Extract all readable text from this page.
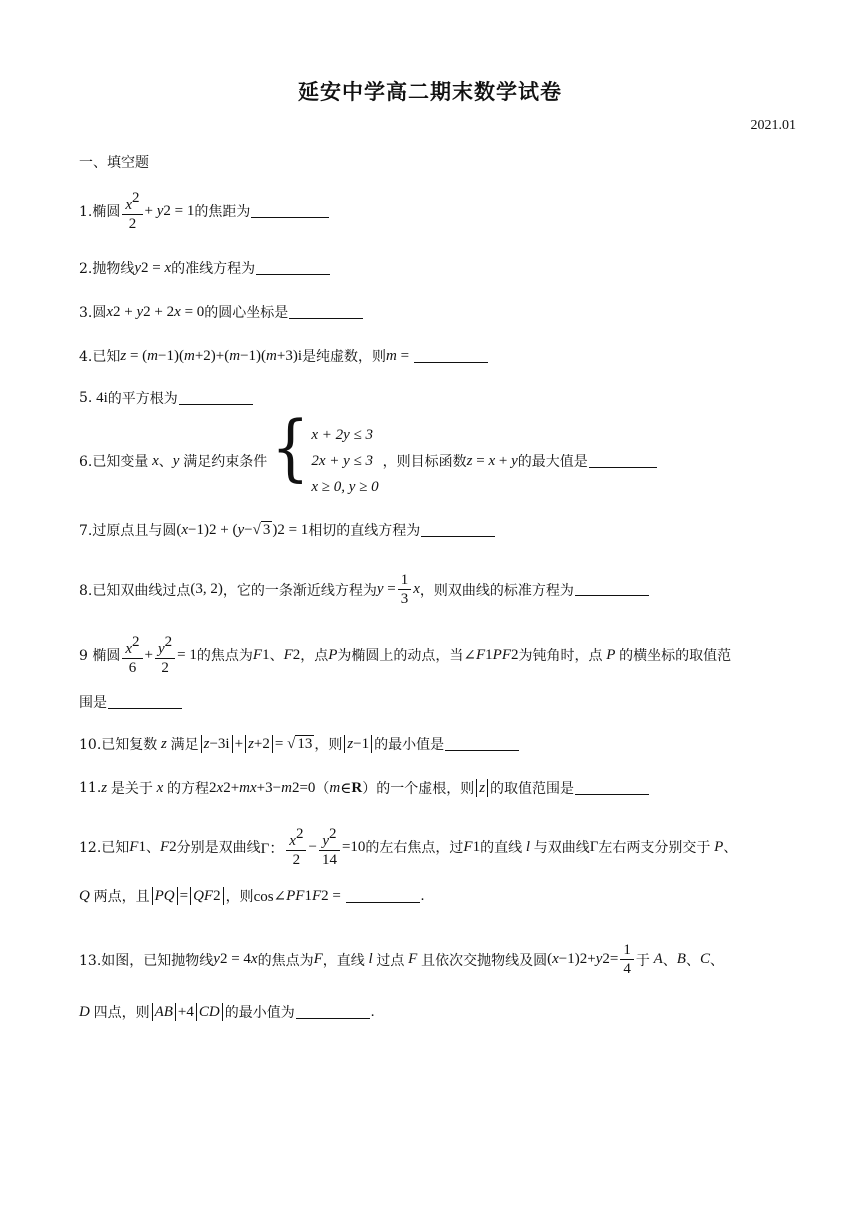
延安中学高二期末数学试卷
2021.01
一、填空题
1.椭圆 $\frac{x^2}{2} + y$ 2 = 1 的焦距为
2.抛物线 y 2 = x 的准线方程为
3.圆 x 2 + y 2 + 2 x = 0 的圆心坐标是
4.已知 z = ( m −1)( m +2)+( m −1)( m +3)i 是纯虚数，则 m =
5. 4i 的平方根为
6.已知变量 x 、 y 满足约束条件 { x + 2y ≤ 3
2x + y ≤ 3
x ≥ 0, y ≥ 0
，则目标函数 z = x + y 的最大值是
7.过原点且与圆 ( x −1) 2 + ( y −√ 3 ) 2 = 1 相切的直线方程为
8.已知双曲线过点 (3, 2) ，它的一条渐近线方程为 $y = \frac{1}{3}$ x ，则双曲线的标准方程为
9 椭圆 $\frac{x^2}{6} + \frac{y^2}{2} = 1$ 的焦点为 F 1 、 F 2 ，点 P 为椭圆上的动点，当 ∠ F 1 PF 2 为钝角时，点 P 的横坐标的取值范
围是
10.已知复数 z 满足 z −3i + z +2 = √ 13 ，则 z −1 的最小值是
11. z 是关于 x 的方程 2 x 2 + mx +3− m 2 =0 （ m ∈ R ）的一个虚根，则 z 的取值范围是
12.已知 F 1 、 F 2 分别是双曲线 Γ： $\frac{x^2}{2} - \frac{y^2}{14} =10$ 的左右焦点，过 F 1 的直线 l 与双曲线 Γ 左右两支分别交于 P 、
Q 两点，且 PQ = QF 2 ，则 cos∠ PF 1 F 2 =	.
13.如图，已知抛物线 y 2 = 4 x 的焦点为 F ，直线 l 过点 F 且依次交抛物线及圆 ( x −1) 2 + y $2 = \frac{1}{4}$ 于 A 、 B 、 C 、
D 四点，则 AB +4 CD 的最小值为	.
